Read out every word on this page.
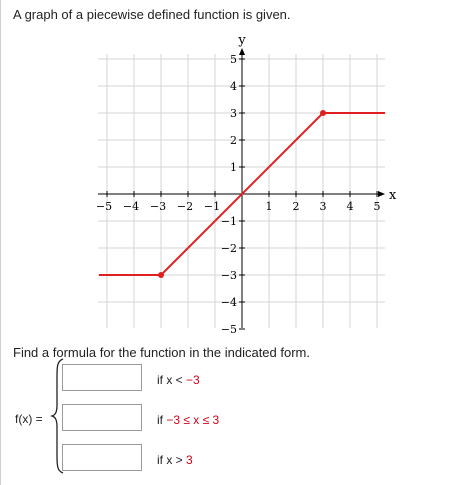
A graph of a piecewise defined function is given.
−5 −4 −3 −2 −1	1 2 3 4 5
5
4
3
2
1
−1
−2
−3
−4
−5
x
y
Find a formula for the function in the indicated form.
f(x) =
if x < −3
if −3 ≤ x ≤ 3
if x > 3
